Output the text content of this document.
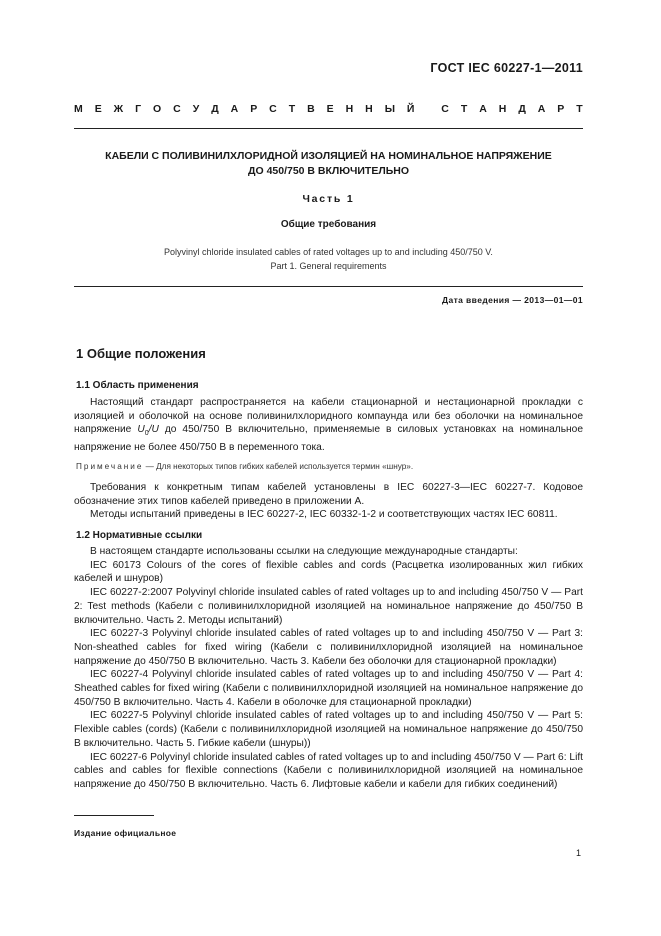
ГОСТ IEC 60227-1—2011
М Е Ж Г О С У Д А Р С Т В Е Н Н Ы Й
	С Т А Н Д А Р Т
КАБЕЛИ С ПОЛИВИНИЛХЛОРИДНОЙ ИЗОЛЯЦИЕЙ НА НОМИНАЛЬНОЕ НАПРЯЖЕНИЕ
ДО 450/750 В ВКЛЮЧИТЕЛЬНО
Часть 1
Общие требования
Polyvinyl chloride insulated cables of rated voltages up to and including 450/750 V.
Part 1. General requirements
Дата введения — 2013—01—01
1 Общие положения
1.1 Область применения

Настоящий стандарт распространяется на кабели стационарной и нестационарной прокладки с изоляцией и оболочкой на основе поливинилхлоридного компаунда или без оболочки на номинальное напряжение $U_0/U$ до 450/750 В включительно, применяемые в силовых установках на номинальное напряжение не более 450/750 В в переменного тока.

Примечание — Для некоторых типов гибких кабелей используется термин «шнур».

Требования к конкретным типам кабелей установлены в IEC 60227-3—IEC 60227-7. Кодовое обозначение этих типов кабелей приведено в приложении А.

Методы испытаний приведены в IEC 60227-2, IEC 60332-1-2 и соответствующих частях IEC 60811.

1.2 Нормативные ссылки

В настоящем стандарте использованы ссылки на следующие международные стандарты:

IEC 60173 Colours of the cores of flexible cables and cords (Расцветка изолированных жил гибких кабелей и шнуров)

IEC 60227-2:2007 Polyvinyl chloride insulated cables of rated voltages up to and including 450/750 V — Part 2: Test methods (Кабели с поливинилхлоридной изоляцией на номинальное напряжение до 450/750 В включительно. Часть 2. Методы испытаний)

IEC 60227-3 Polyvinyl chloride insulated cables of rated voltages up to and including 450/750 V — Part 3: Non-sheathed cables for fixed wiring (Кабели с поливинилхлоридной изоляцией на номинальное напряжение до 450/750 В включительно. Часть 3. Кабели без оболочки для стационарной прокладки)

IEC 60227-4 Polyvinyl chloride insulated cables of rated voltages up to and including 450/750 V — Part 4: Sheathed cables for fixed wiring (Кабели с поливинилхлоридной изоляцией на номинальное напряжение до 450/750 В включительно. Часть 4. Кабели в оболочке для стационарной прокладки)

IEC 60227-5 Polyvinyl chloride insulated cables of rated voltages up to and including 450/750 V — Part 5: Flexible cables (cords) (Кабели с поливинилхлоридной изоляцией на номинальное напряжение до 450/750 В включительно. Часть 5. Гибкие кабели (шнуры))

IEC 60227-6 Polyvinyl chloride insulated cables of rated voltages up to and including 450/750 V — Part 6: Lift cables and cables for flexible connections (Кабели с поливинилхлоридной изоляцией на номинальное напряжение до 450/750 В включительно. Часть 6. Лифтовые кабели и кабели для гибких соединений)

Издание официальное
1
